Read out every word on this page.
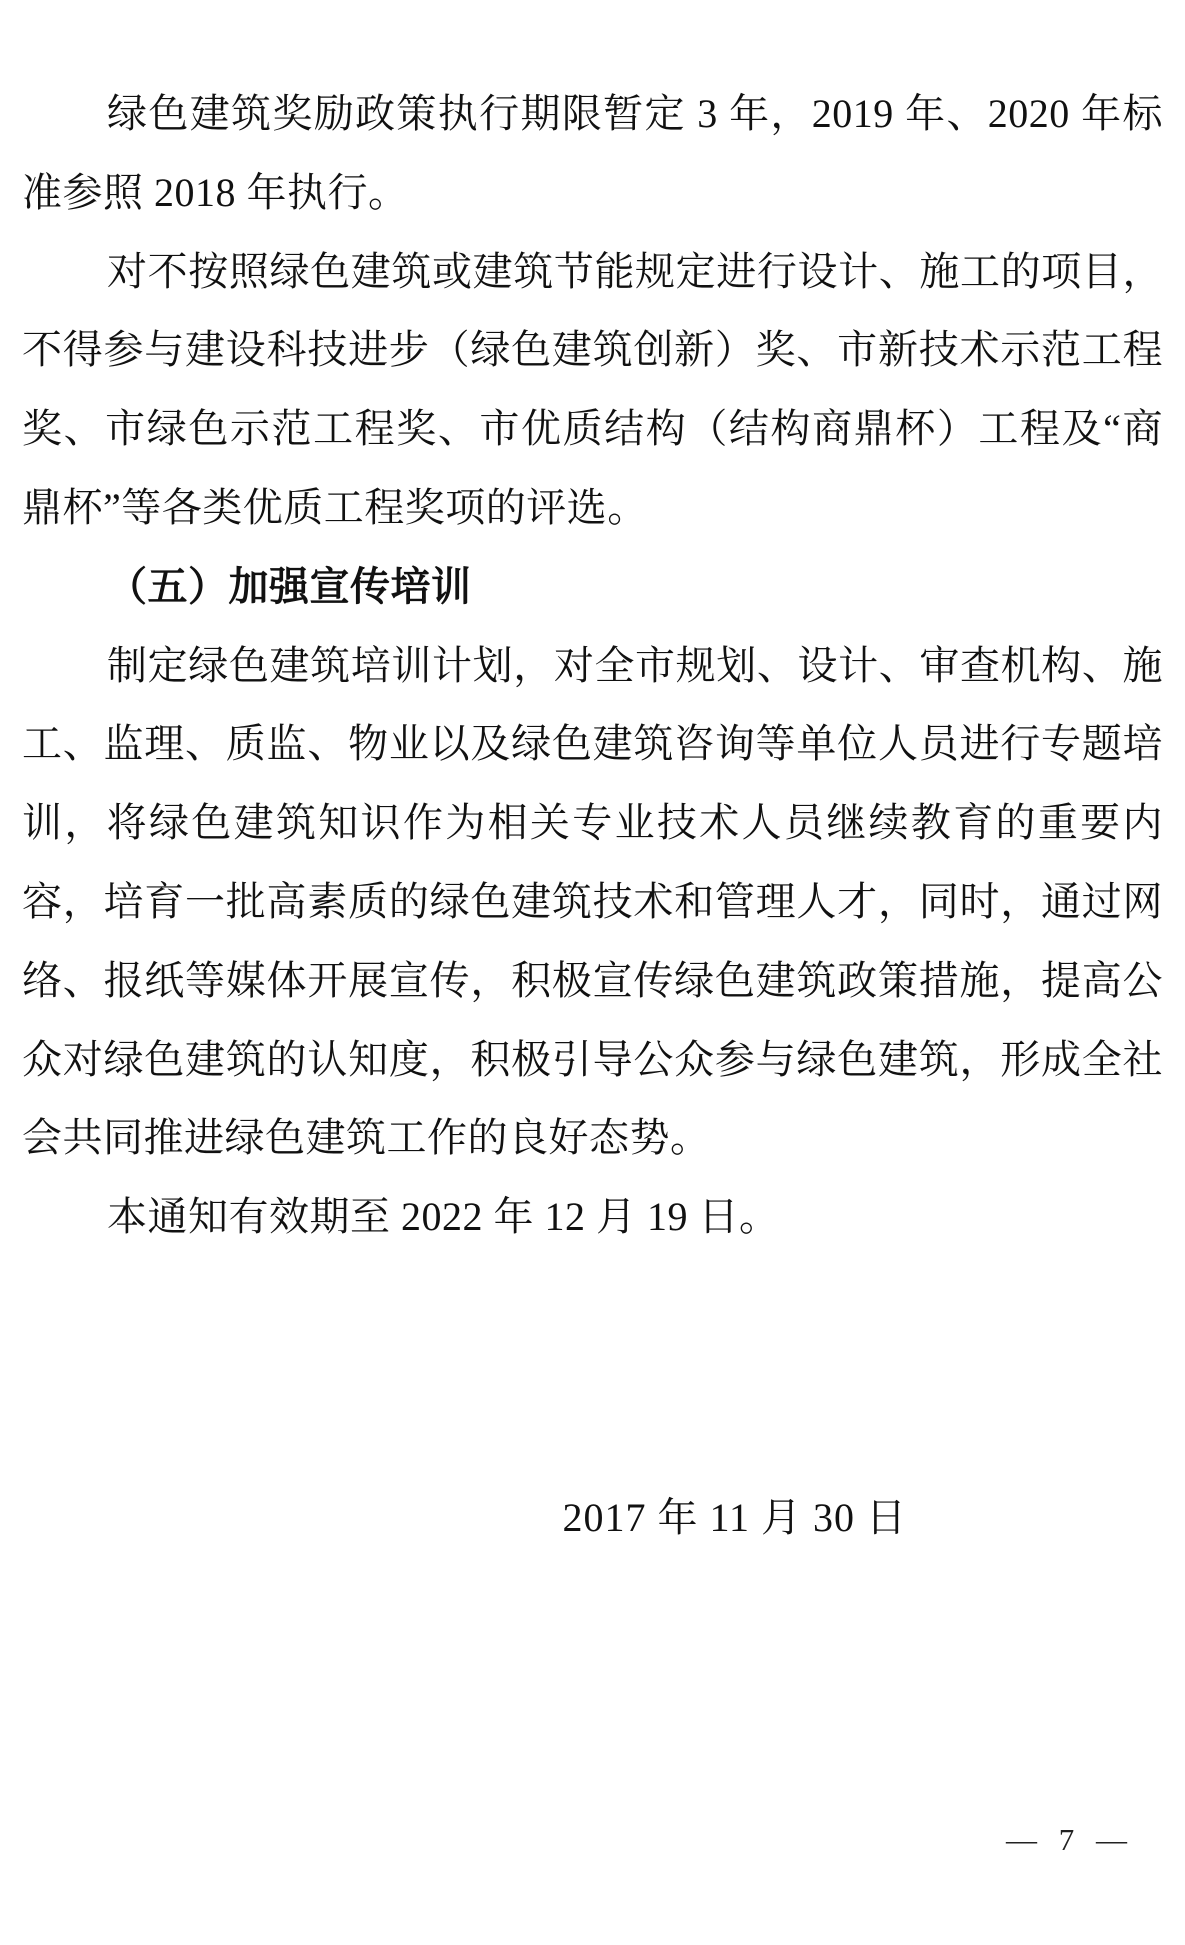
绿色建筑奖励政策执行期限暂定 3 年，2019 年、2020 年标
准参照 2018 年执行。
对不按照绿色建筑或建筑节能规定进行设计、施工的项目，
不得参与建设科技进步（绿色建筑创新）奖、市新技术示范工程
奖、市绿色示范工程奖、市优质结构（结构商鼎杯）工程及“商
鼎杯”等各类优质工程奖项的评选。
（五）加强宣传培训
制定绿色建筑培训计划，对全市规划、设计、审查机构、施
工、监理、质监、物业以及绿色建筑咨询等单位人员进行专题培
训，将绿色建筑知识作为相关专业技术人员继续教育的重要内
容，培育一批高素质的绿色建筑技术和管理人才，同时，通过网
络、报纸等媒体开展宣传，积极宣传绿色建筑政策措施，提高公
众对绿色建筑的认知度，积极引导公众参与绿色建筑，形成全社
会共同推进绿色建筑工作的良好态势。
本通知有效期至 2022 年 12 月 19 日。
2017 年 11 月 30 日
— 7 —
